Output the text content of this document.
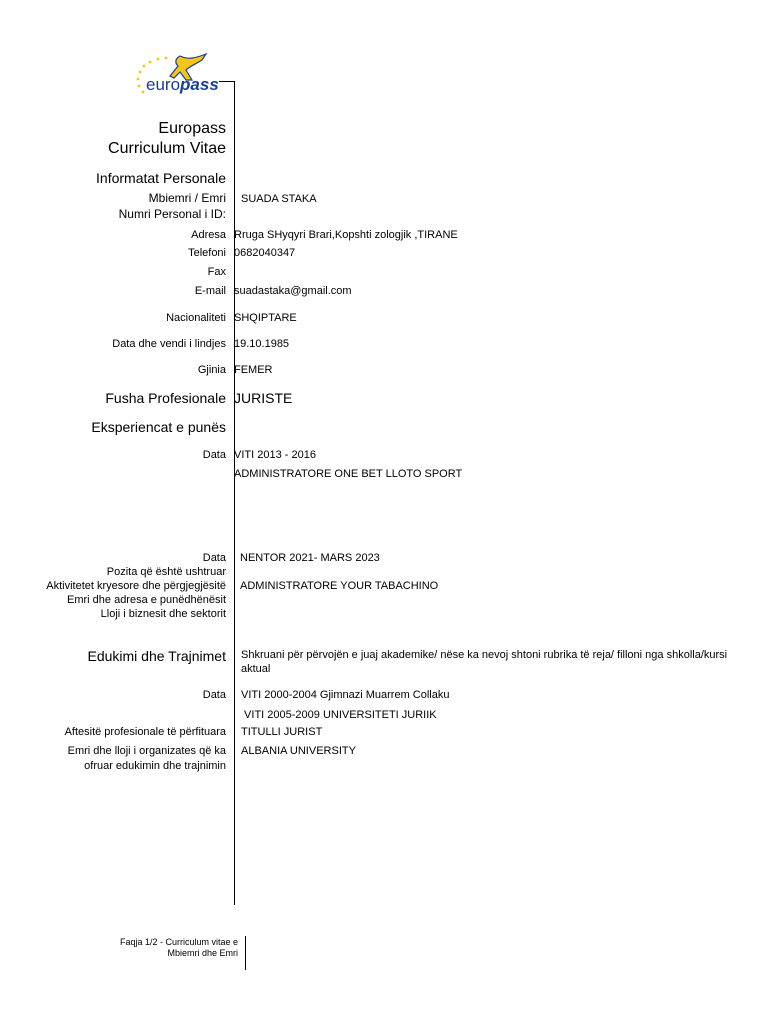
europass
Europass
Curriculum Vitae
Informatat Personale
Mbiemri / Emri SUADA STAKA
Numri Personal i ID:
Adresa Rruga SHyqyri Brari,Kopshti zologjik ,TIRANE
Telefoni 0682040347
Fax
E-mail suadastaka@gmail.com
Nacionaliteti SHQIPTARE
Data dhe vendi i lindjes 19.10.1985
Gjinia FEMER
Fusha Profesionale JURISTE
Eksperiencat e punës
Data VITI 2013 - 2016
ADMINISTRATORE ONE BET LLOTO SPORT
Data NENTOR 2021- MARS 2023
Pozita që është ushtruar
Aktivitetet kryesore dhe përgjegjësitë ADMINISTRATORE YOUR TABACHINO
Emri dhe adresa e punëdhënësit
Lloji i biznesit dhe sektorit
Edukimi dhe Trajnimet Shkruani për përvojën e juaj akademike/ nëse ka nevoj shtoni rubrika të reja/ filloni nga shkolla/kursi
aktual
Data VITI 2000-2004 Gjimnazi Muarrem Collaku
VITI 2005-2009 UNIVERSITETI JURIIK
Aftesitë profesionale të përfituara TITULLI JURIST
Emri dhe lloji i organizates që ka
ofruar edukimin dhe trajnimin
ALBANIA UNIVERSITY
Faqja 1/2 - Curriculum vitae e
Mbiemri dhe Emri
